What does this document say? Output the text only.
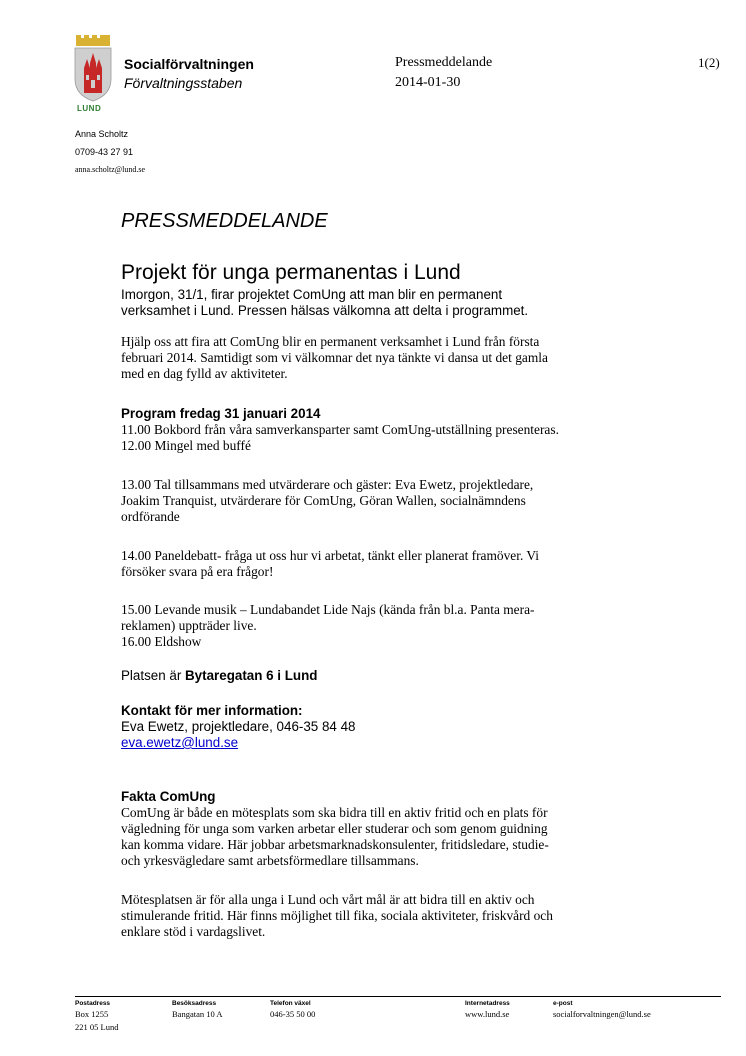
LUND
Socialförvaltningen
Förvaltningsstaben
Pressmeddelande
2014-01-30
1(2)
Anna Scholtz
0709-43 27 91
anna.scholtz@lund.se
PRESSMEDDELANDE
Projekt för unga permanentas i Lund
Imorgon, 31/1, firar projektet ComUng att man blir en permanent
verksamhet i Lund. Pressen hälsas välkomna att delta i programmet.
Hjälp oss att fira att ComUng blir en permanent verksamhet i Lund från första
februari 2014. Samtidigt som vi välkomnar det nya tänkte vi dansa ut det gamla
med en dag fylld av aktiviteter.
Program fredag 31 januari 2014
11.00 Bokbord från våra samverkansparter samt ComUng-utställning presenteras.
12.00 Mingel med buffé
13.00 Tal tillsammans med utvärderare och gäster: Eva Ewetz, projektledare,
Joakim Tranquist, utvärderare för ComUng, Göran Wallen, socialnämndens
ordförande
14.00 Paneldebatt- fråga ut oss hur vi arbetat, tänkt eller planerat framöver. Vi
försöker svara på era frågor!
15.00 Levande musik – Lundabandet Lide Najs (kända från bl.a. Panta mera-
reklamen) uppträder live.
16.00 Eldshow
Platsen är Bytaregatan 6 i Lund
Kontakt för mer information:
Eva Ewetz, projektledare, 046-35 84 48
eva.ewetz@lund.se
Fakta ComUng
ComUng är både en mötesplats som ska bidra till en aktiv fritid och en plats för
vägledning för unga som varken arbetar eller studerar och som genom guidning
kan komma vidare. Här jobbar arbetsmarknadskonsulenter, fritidsledare, studie-
och yrkesvägledare samt arbetsförmedlare tillsammans.
Mötesplatsen är för alla unga i Lund och vårt mål är att bidra till en aktiv och
stimulerande fritid. Här finns möjlighet till fika, sociala aktiviteter, friskvård och
enklare stöd i vardagslivet.
Postadress
Box 1255
221 05 Lund
Besöksadress
Bangatan 10 A
Telefon växel
046-35 50 00
Internetadress
www.lund.se
e-post
socialforvaltningen@lund.se
